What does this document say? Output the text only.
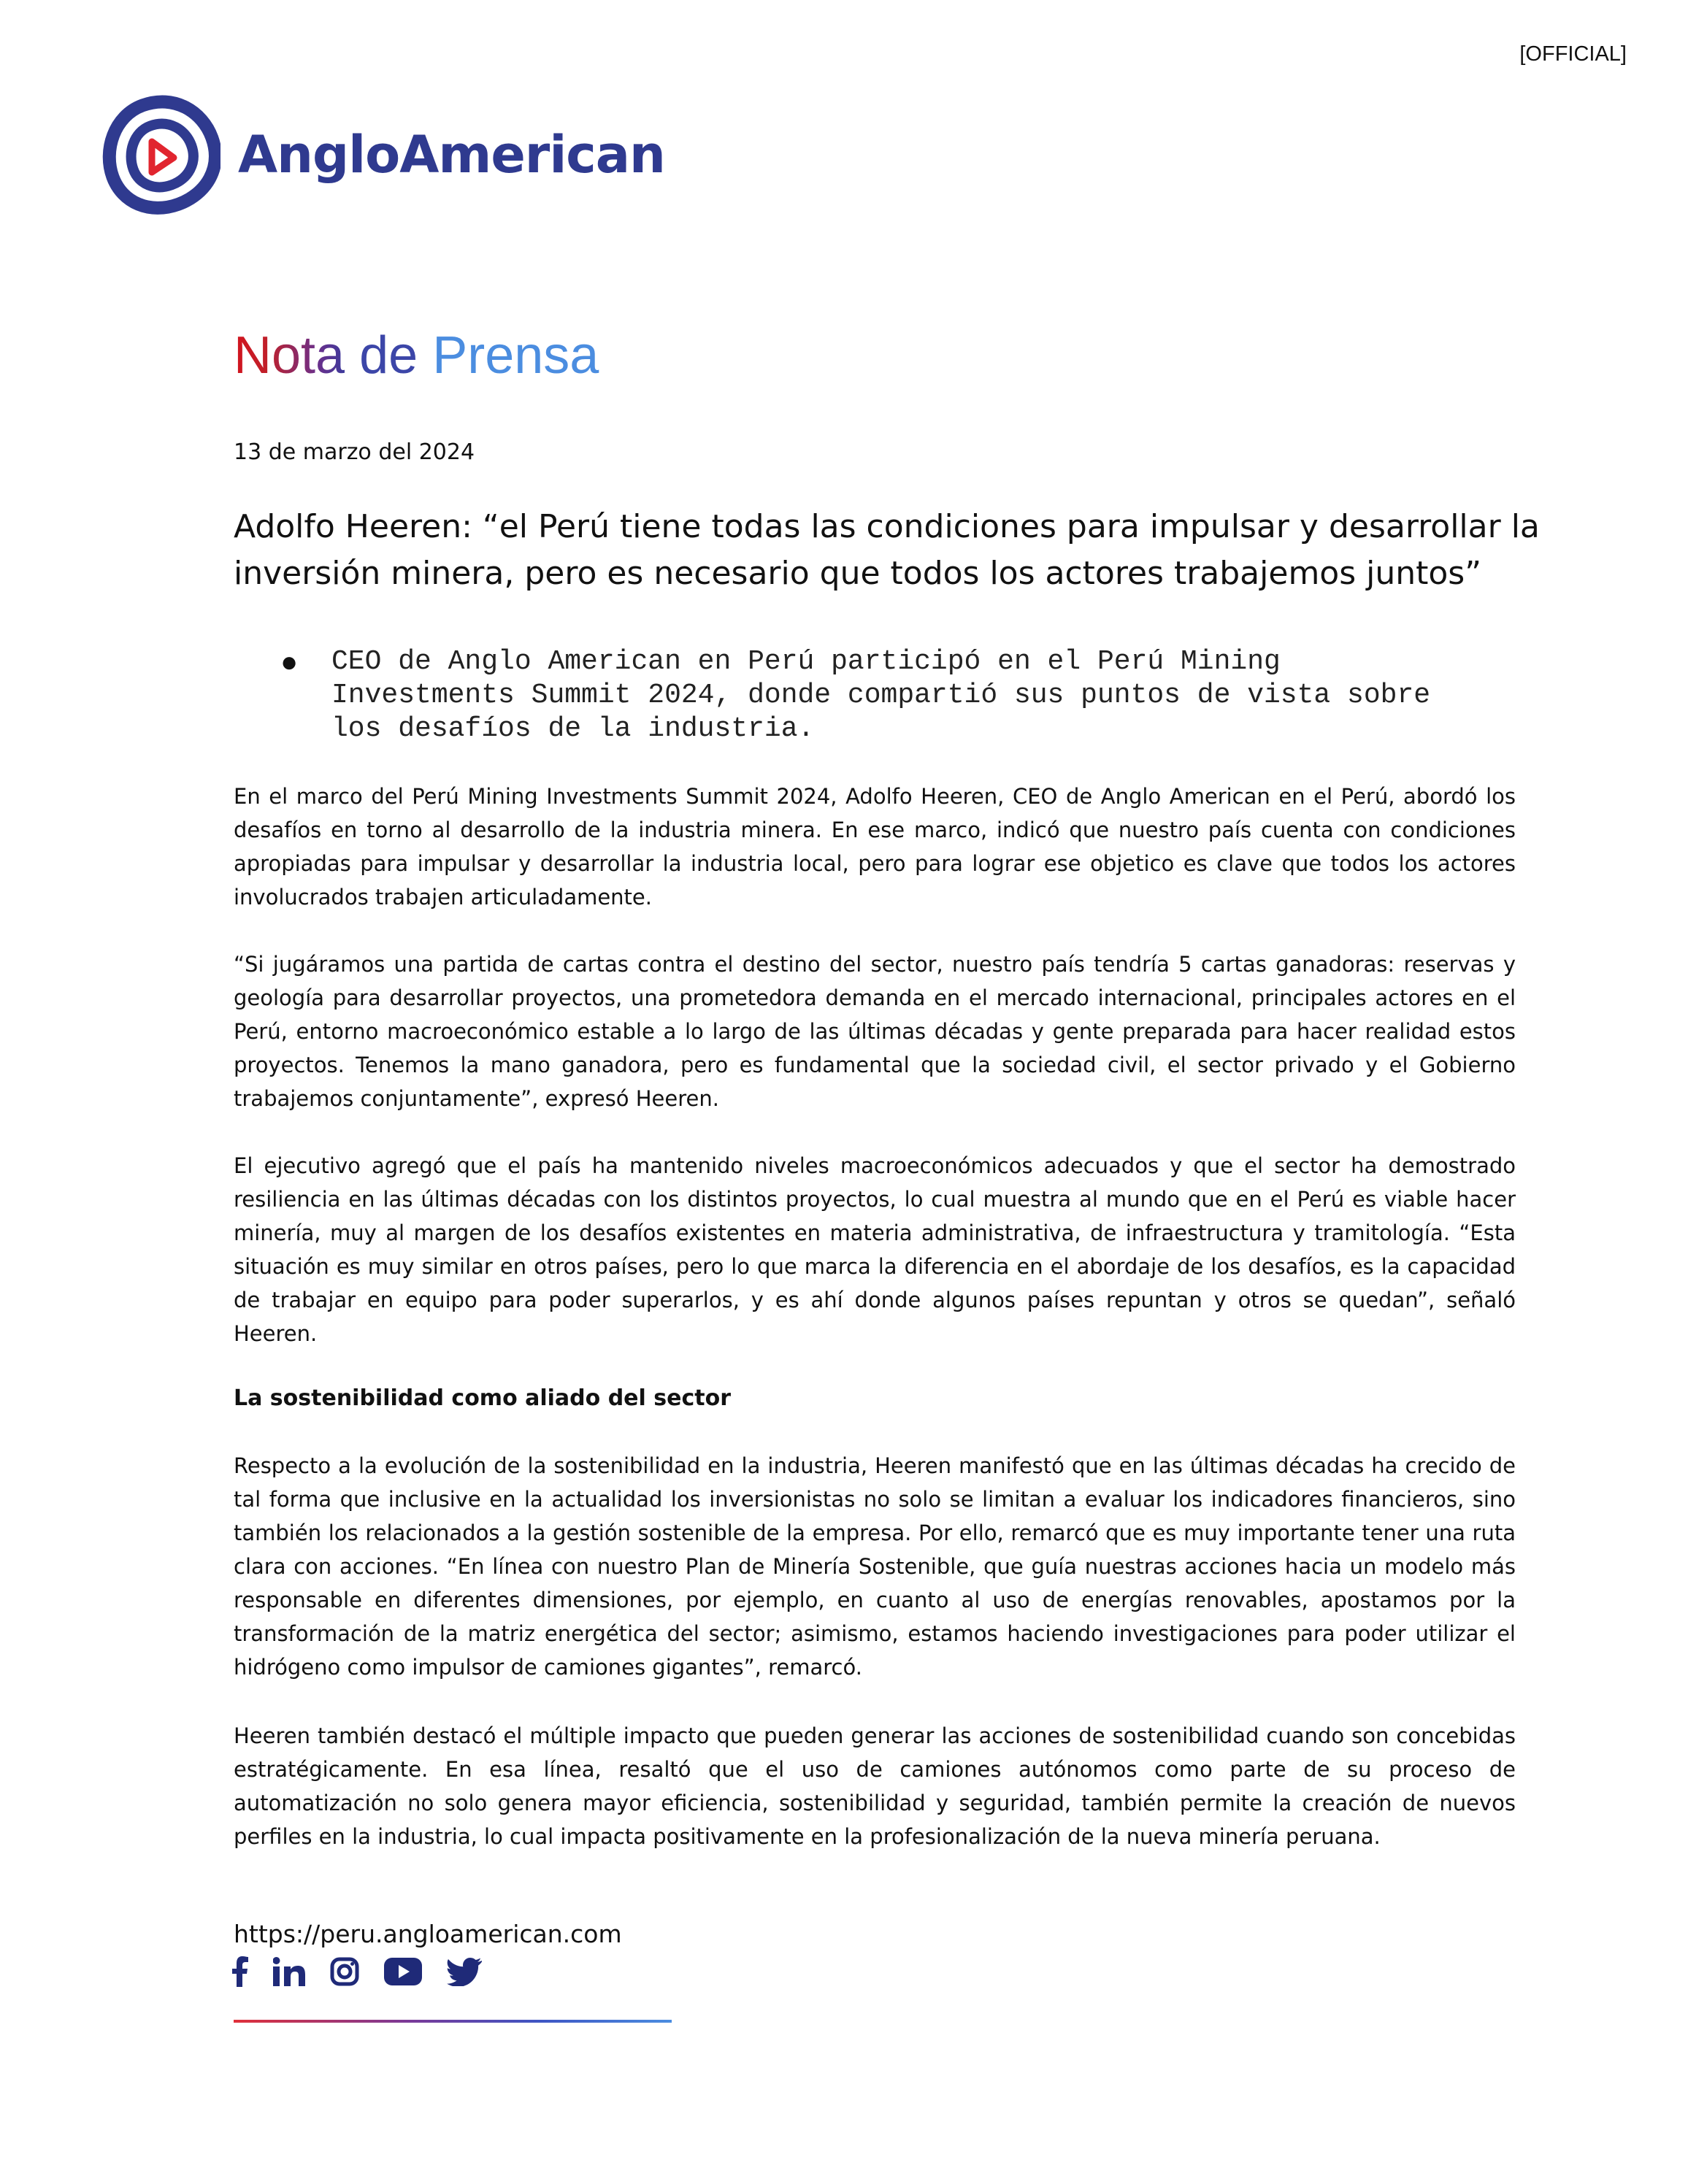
[OFFICIAL]
AngloAmerican
Nota de Prensa
13 de marzo del 2024
Adolfo Heeren: “el Perú tiene todas las condiciones para impulsar y desarrollar la inversión minera, pero es necesario que todos los actores trabajemos juntos”
●	CEO de Anglo American en Perú participó en el Perú Mining Investments Summit 2024, donde compartió sus puntos de vista sobre los desafíos de la industria.

En el marco del Perú Mining Investments Summit 2024, Adolfo Heeren, CEO de Anglo American en el Perú, abordó los desafíos en torno al desarrollo de la industria minera. En ese marco, indicó que nuestro país cuenta con condiciones apropiadas para impulsar y desarrollar la industria local, pero para lograr ese objetico es clave que todos los actores involucrados trabajen articuladamente.

“Si jugáramos una partida de cartas contra el destino del sector, nuestro país tendría 5 cartas ganadoras: reservas y geología para desarrollar proyectos, una prometedora demanda en el mercado internacional, principales actores en el Perú, entorno macroeconómico estable a lo largo de las últimas décadas y gente preparada para hacer realidad estos proyectos. Tenemos la mano ganadora, pero es fundamental que la sociedad civil, el sector privado y el Gobierno trabajemos conjuntamente”, expresó Heeren.

El ejecutivo agregó que el país ha mantenido niveles macroeconómicos adecuados y que el sector ha demostrado resiliencia en las últimas décadas con los distintos proyectos, lo cual muestra al mundo que en el Perú es viable hacer minería, muy al margen de los desafíos existentes en materia administrativa, de infraestructura y tramitología. “Esta situación es muy similar en otros países, pero lo que marca la diferencia en el abordaje de los desafíos, es la capacidad de trabajar en equipo para poder superarlos, y es ahí donde algunos países repuntan y otros se quedan”, señaló Heeren.

La sostenibilidad como aliado del sector

Respecto a la evolución de la sostenibilidad en la industria, Heeren manifestó que en las últimas décadas ha crecido de tal forma que inclusive en la actualidad los inversionistas no solo se limitan a evaluar los indicadores financieros, sino también los relacionados a la gestión sostenible de la empresa. Por ello, remarcó que es muy importante tener una ruta clara con acciones. “En línea con nuestro Plan de Minería Sostenible, que guía nuestras acciones hacia un modelo más responsable en diferentes dimensiones, por ejemplo, en cuanto al uso de energías renovables, apostamos por la transformación de la matriz energética del sector; asimismo, estamos haciendo investigaciones para poder utilizar el hidrógeno como impulsor de camiones gigantes”, remarcó.

Heeren también destacó el múltiple impacto que pueden generar las acciones de sostenibilidad cuando son concebidas estratégicamente. En esa línea, resaltó que el uso de camiones autónomos como parte de su proceso de automatización no solo genera mayor eficiencia, sostenibilidad y seguridad, también permite la creación de nuevos perfiles en la industria, lo cual impacta positivamente en la profesionalización de la nueva minería peruana.

https://peru.angloamerican.com
